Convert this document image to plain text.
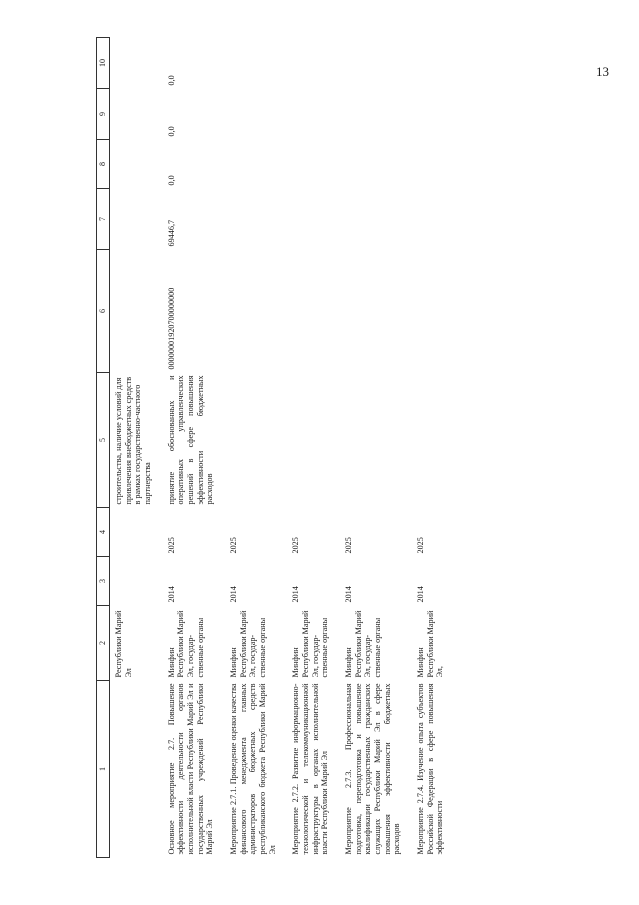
13
1	2	3	4	5	6	7	8	9	10
	Республики Марий Эл			строительства, наличие условий для привлечения внебюджетных средств в рамках государственно-частного партнерства					
Основное мероприятие 2.7. Повышение эффективности деятельности органов исполнительной власти Республики Марий Эл и государственных учреждений Республики Марий Эл	Минфин Республики Марий Эл, государ-ственные органы	2014	2025	принятие обоснованных и оперативных управленческих решений в сфере повышения эффективности бюджетных расходов	00000001920700000000	69446,7	0,0	0,0	0,0
Мероприятие 2.7.1. Проведение оценки качества финансового менеджмента главных администраторов бюджетных средств республиканского бюджета Республики Марий Эл	Минфин Республики Марий Эл, государ-ственные органы	2014	2025						
Мероприятие 2.7.2. Развитие информационно-технологической и телекоммуникационной инфраструктуры в органах исполнительной власти Республики Марий Эл	Минфин Республики Марий Эл, государ-ственные органы	2014	2025						
Мероприятие 2.7.3. Профессиональная подготовка, переподготовка и повышение квалификации государственных гражданских служащих Республики Марий Эл в сфере повышения эффективности бюджетных расходов	Минфин Республики Марий Эл, государ-ственные органы	2014	2025						
Мероприятие 2.7.4. Изучение опыта субъектов Российской Федерации в сфере повышения эффективности	Минфин Республики Марий Эл,	2014	2025						
